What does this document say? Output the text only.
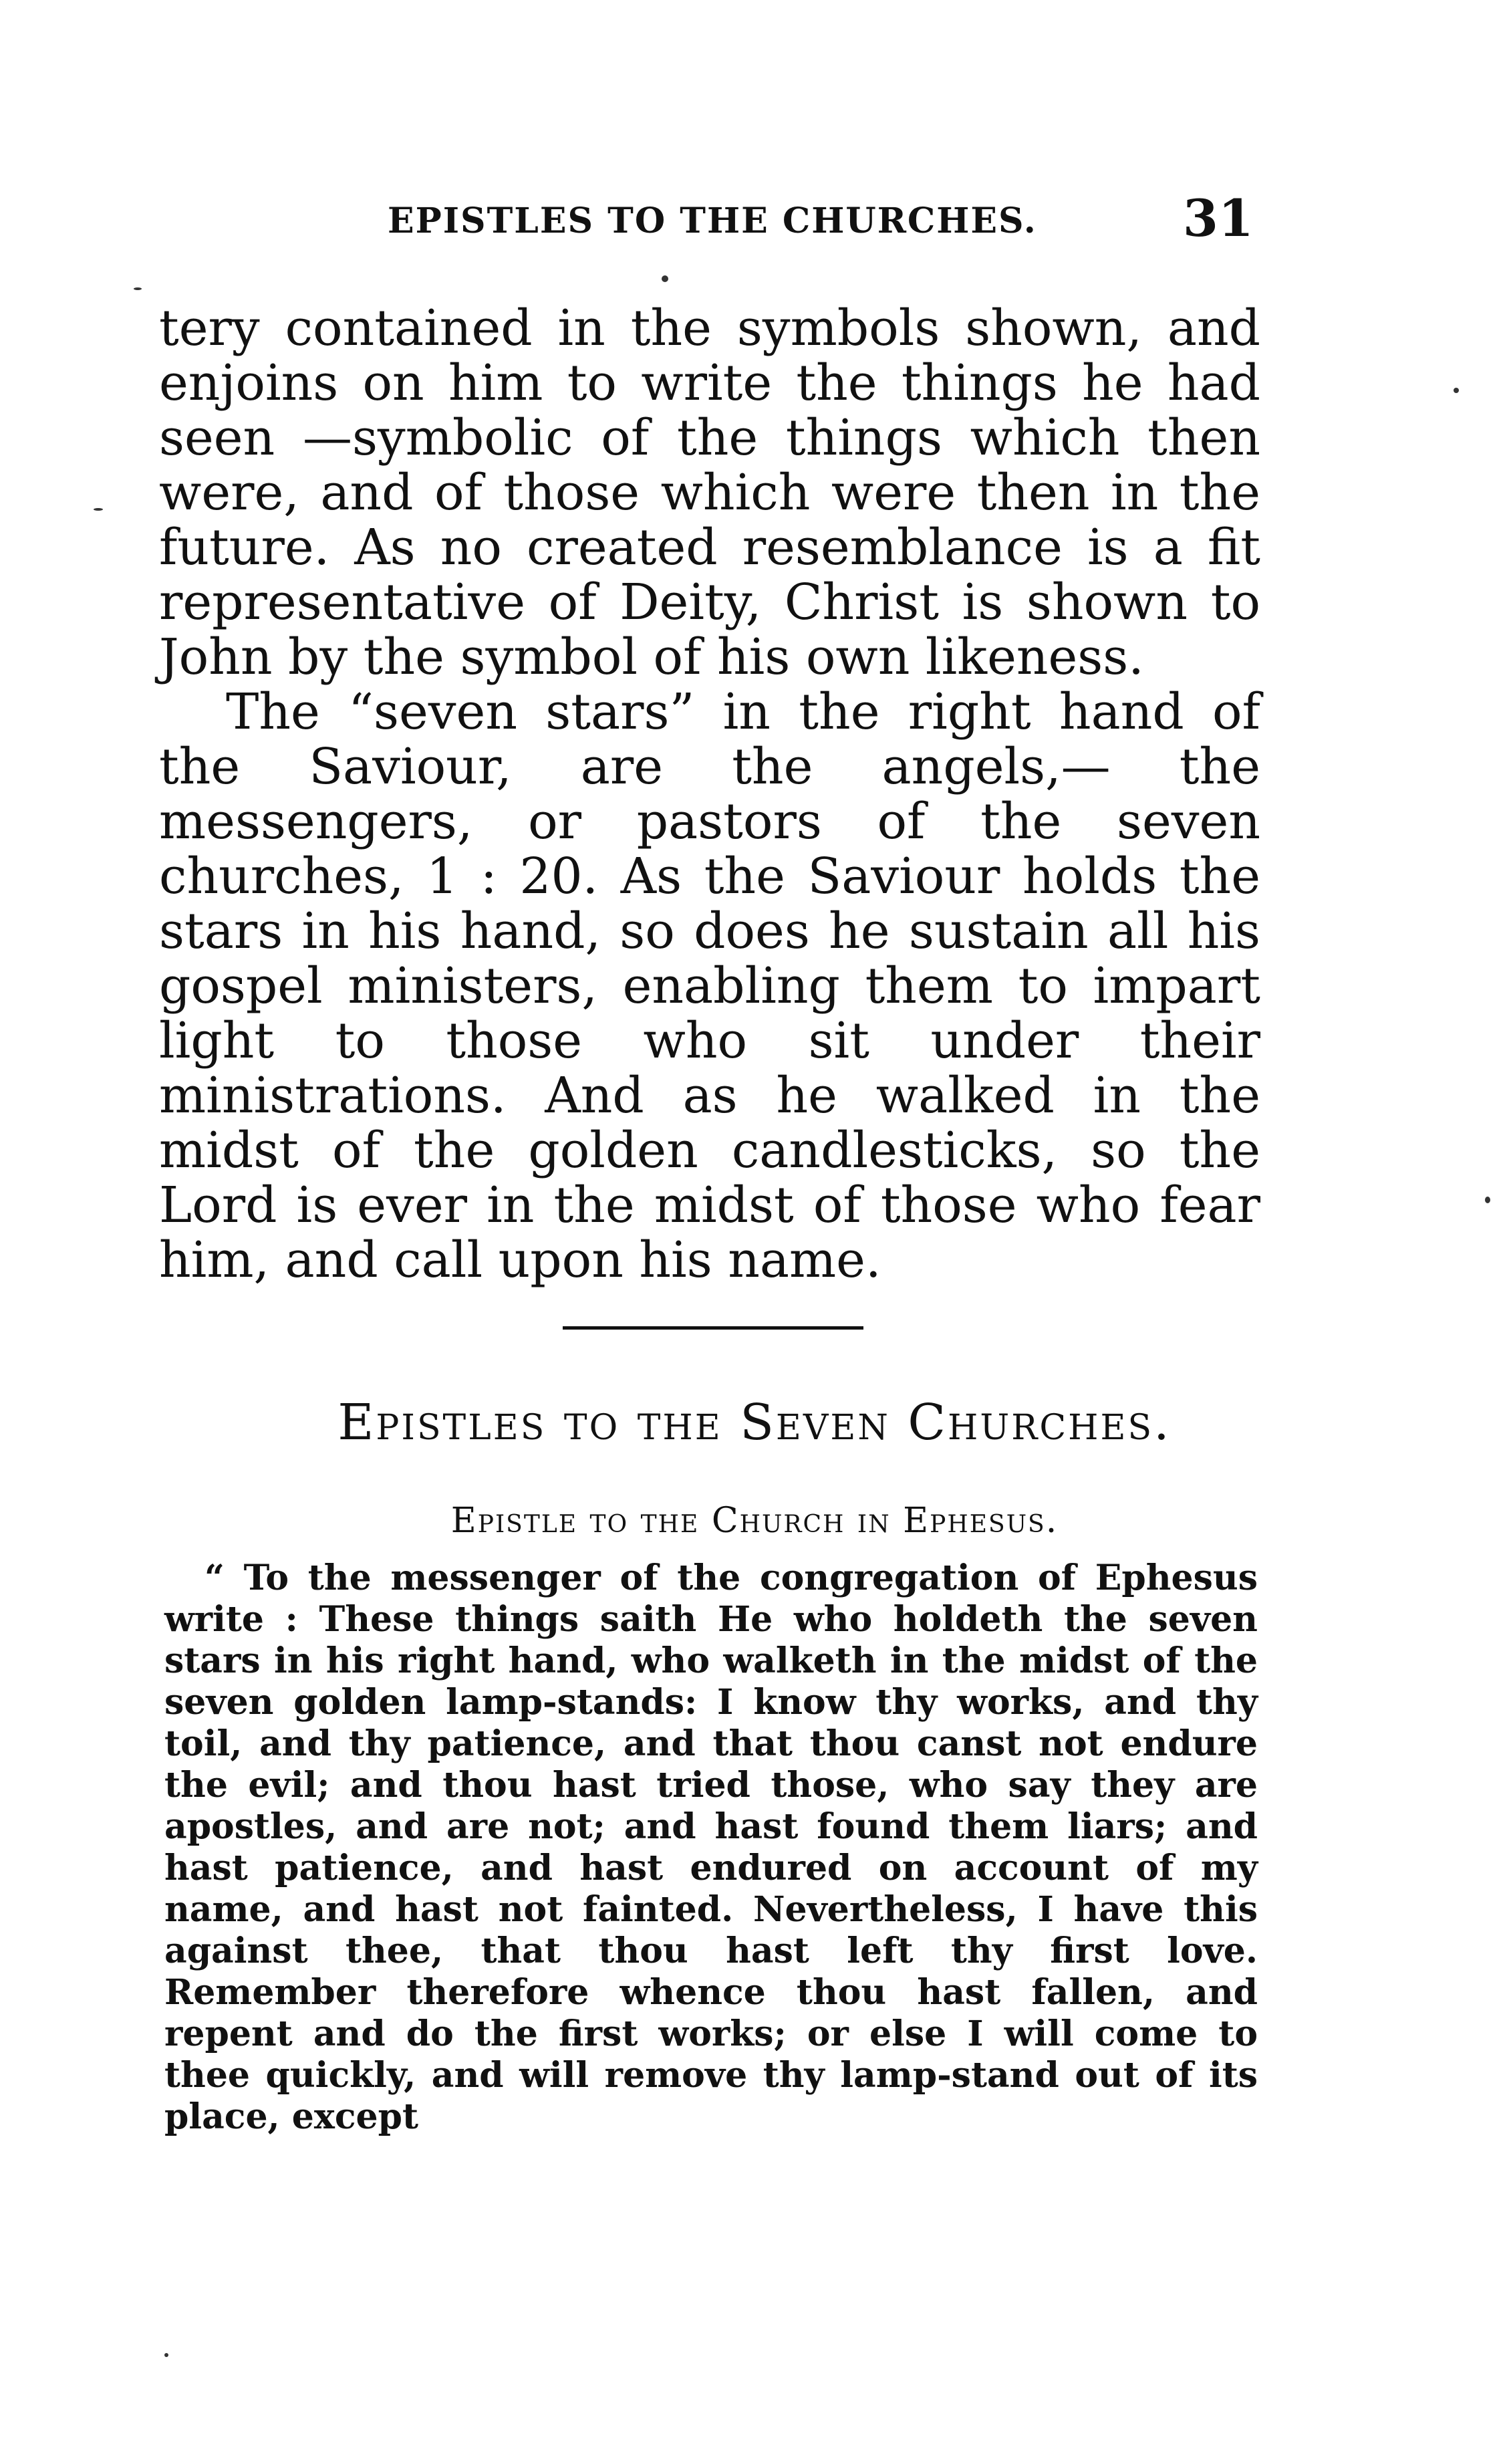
EPISTLES TO THE CHURCHES.	31

tery contained in the symbols shown, and enjoins on him to write the things he had seen —symbolic of the things which then were, and of those which were then in the future. As no created resemblance is a fit representative of Deity, Christ is shown to John by the symbol of his own likeness.

The “seven stars” in the right hand of the Saviour, are the angels,— the messengers, or pastors of the seven churches, 1 : 20. As the Saviour holds the stars in his hand, so does he sustain all his gospel ministers, enabling them to impart light to those who sit under their ministrations. And as he walked in the midst of the golden candlesticks, so the Lord is ever in the midst of those who fear him, and call upon his name.

Epistles to the Seven Churches.
Epistle to the Church in Ephesus.

“ To the messenger of the congregation of Ephesus write : These things saith He who holdeth the seven stars in his right hand, who walketh in the midst of the seven golden lamp-stands: I know thy works, and thy toil, and thy patience, and that thou canst not endure the evil; and thou hast tried those, who say they are apostles, and are not; and hast found them liars; and hast patience, and hast endured on account of my name, and hast not fainted. Nevertheless, I have this against thee, that thou hast left thy first love. Remember therefore whence thou hast fallen, and repent and do the first works; or else I will come to thee quickly, and will remove thy lamp-stand out of its place, except
